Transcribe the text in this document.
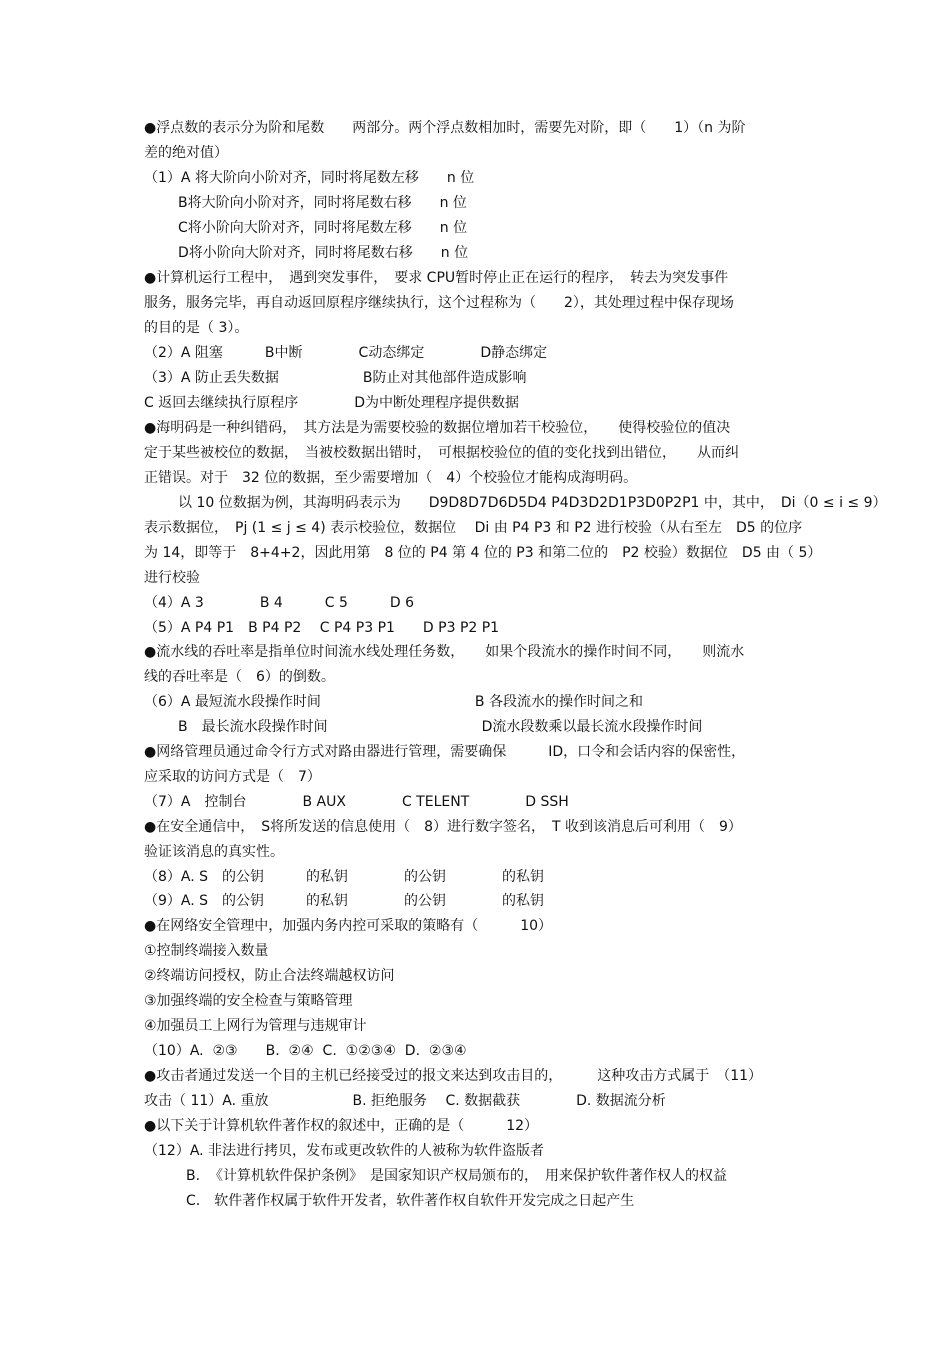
●浮点数的表示分为阶和尾数　　两部分。两个浮点数相加时，需要先对阶，即（　　1）（n 为阶
差的绝对值）
（1）A 将大阶向小阶对齐，同时将尾数左移　　n 位
B将大阶向小阶对齐，同时将尾数右移　　n 位
C将小阶向大阶对齐，同时将尾数左移　　n 位
D将小阶向大阶对齐，同时将尾数右移　　n 位
●计算机运行工程中，　遇到突发事件，　要求 CPU暂时停止正在运行的程序，　转去为突发事件
服务，服务完毕，再自动返回原程序继续执行，这个过程称为（　　2），其处理过程中保存现场
的目的是（ 3）。
（2）A 阻塞　　　B中断　　　　C动态绑定　　　　D静态绑定
（3）A 防止丢失数据　　　　　　B防止对其他部件造成影响
C 返回去继续执行原程序　　　　D为中断处理程序提供数据
●海明码是一种纠错码，　其方法是为需要校验的数据位增加若干校验位，　　使得校验位的值决
定于某些被校位的数据，　当被校数据出错时，　可根据校验位的值的变化找到出错位，　　从而纠
正错误。对于　32 位的数据，至少需要增加（　4）个校验位才能构成海明码。
以 10 位数据为例，其海明码表示为　　D9D8D7D6D5D4 P4D3D2D1P3D0P2P1 中，其中，　Di（0 ≤ i ≤ 9）
表示数据位，　Pj (1 ≤ j ≤ 4) 表示校验位，数据位　 Di 由 P4 P3 和 P2 进行校验（从右至左　D5 的位序
为 14，即等于　8+4+2，因此用第　8 位的 P4 第 4 位的 P3 和第二位的　P2 校验）数据位　D5 由（ 5）
进行校验
（4）A 3　　　　B 4　　　C 5　　　D 6
（5）A P4 P1　B P4 P2　 C P4 P3 P1　　D P3 P2 P1
●流水线的吞吐率是指单位时间流水线处理任务数，　　如果个段流水的操作时间不同，　　则流水
线的吞吐率是（　6）的倒数。
（6）A 最短流水段操作时间　　　　　　　　　　　B 各段流水的操作时间之和
　B　最长流水段操作时间　　　　　　　　　　　D流水段数乘以最长流水段操作时间
●网络管理员通过命令行方式对路由器进行管理，需要确保　　　ID，口令和会话内容的保密性，
应采取的访问方式是（　7）
（7）A　控制台　　　　B AUX　　　　C TELENT　　　　D SSH
●在安全通信中，　S将所发送的信息使用（　8）进行数字签名，　T 收到该消息后可利用（　9）
验证该消息的真实性。
（8）A. S　的公钥　　　的私钥　　　　的公钥　　　　的私钥
（9）A. S　的公钥　　　的私钥　　　　的公钥　　　　的私钥
●在网络安全管理中，加强内务内控可采取的策略有（　　　10）
①控制终端接入数量
②终端访问授权，防止合法终端越权访问
③加强终端的安全检查与策略管理
④加强员工上网行为管理与违规审计
（10）A.  ②③　　B.  ②④  C.  ①②③④  D.  ②③④
●攻击者通过发送一个目的主机已经接受过的报文来达到攻击目的，　　　这种攻击方式属于　（11）
攻击（ 11）A. 重放　　　　　　B. 拒绝服务　 C. 数据截获　　　　D. 数据流分析
●以下关于计算机软件著作权的叙述中，正确的是（　　　12）
（12）A. 非法进行拷贝，发布或更改软件的人被称为软件盗版者
B.  《计算机软件保护条例》　是国家知识产权局颁布的，　用来保护软件著作权人的权益
C.　软件著作权属于软件开发者，软件著作权自软件开发完成之日起产生
